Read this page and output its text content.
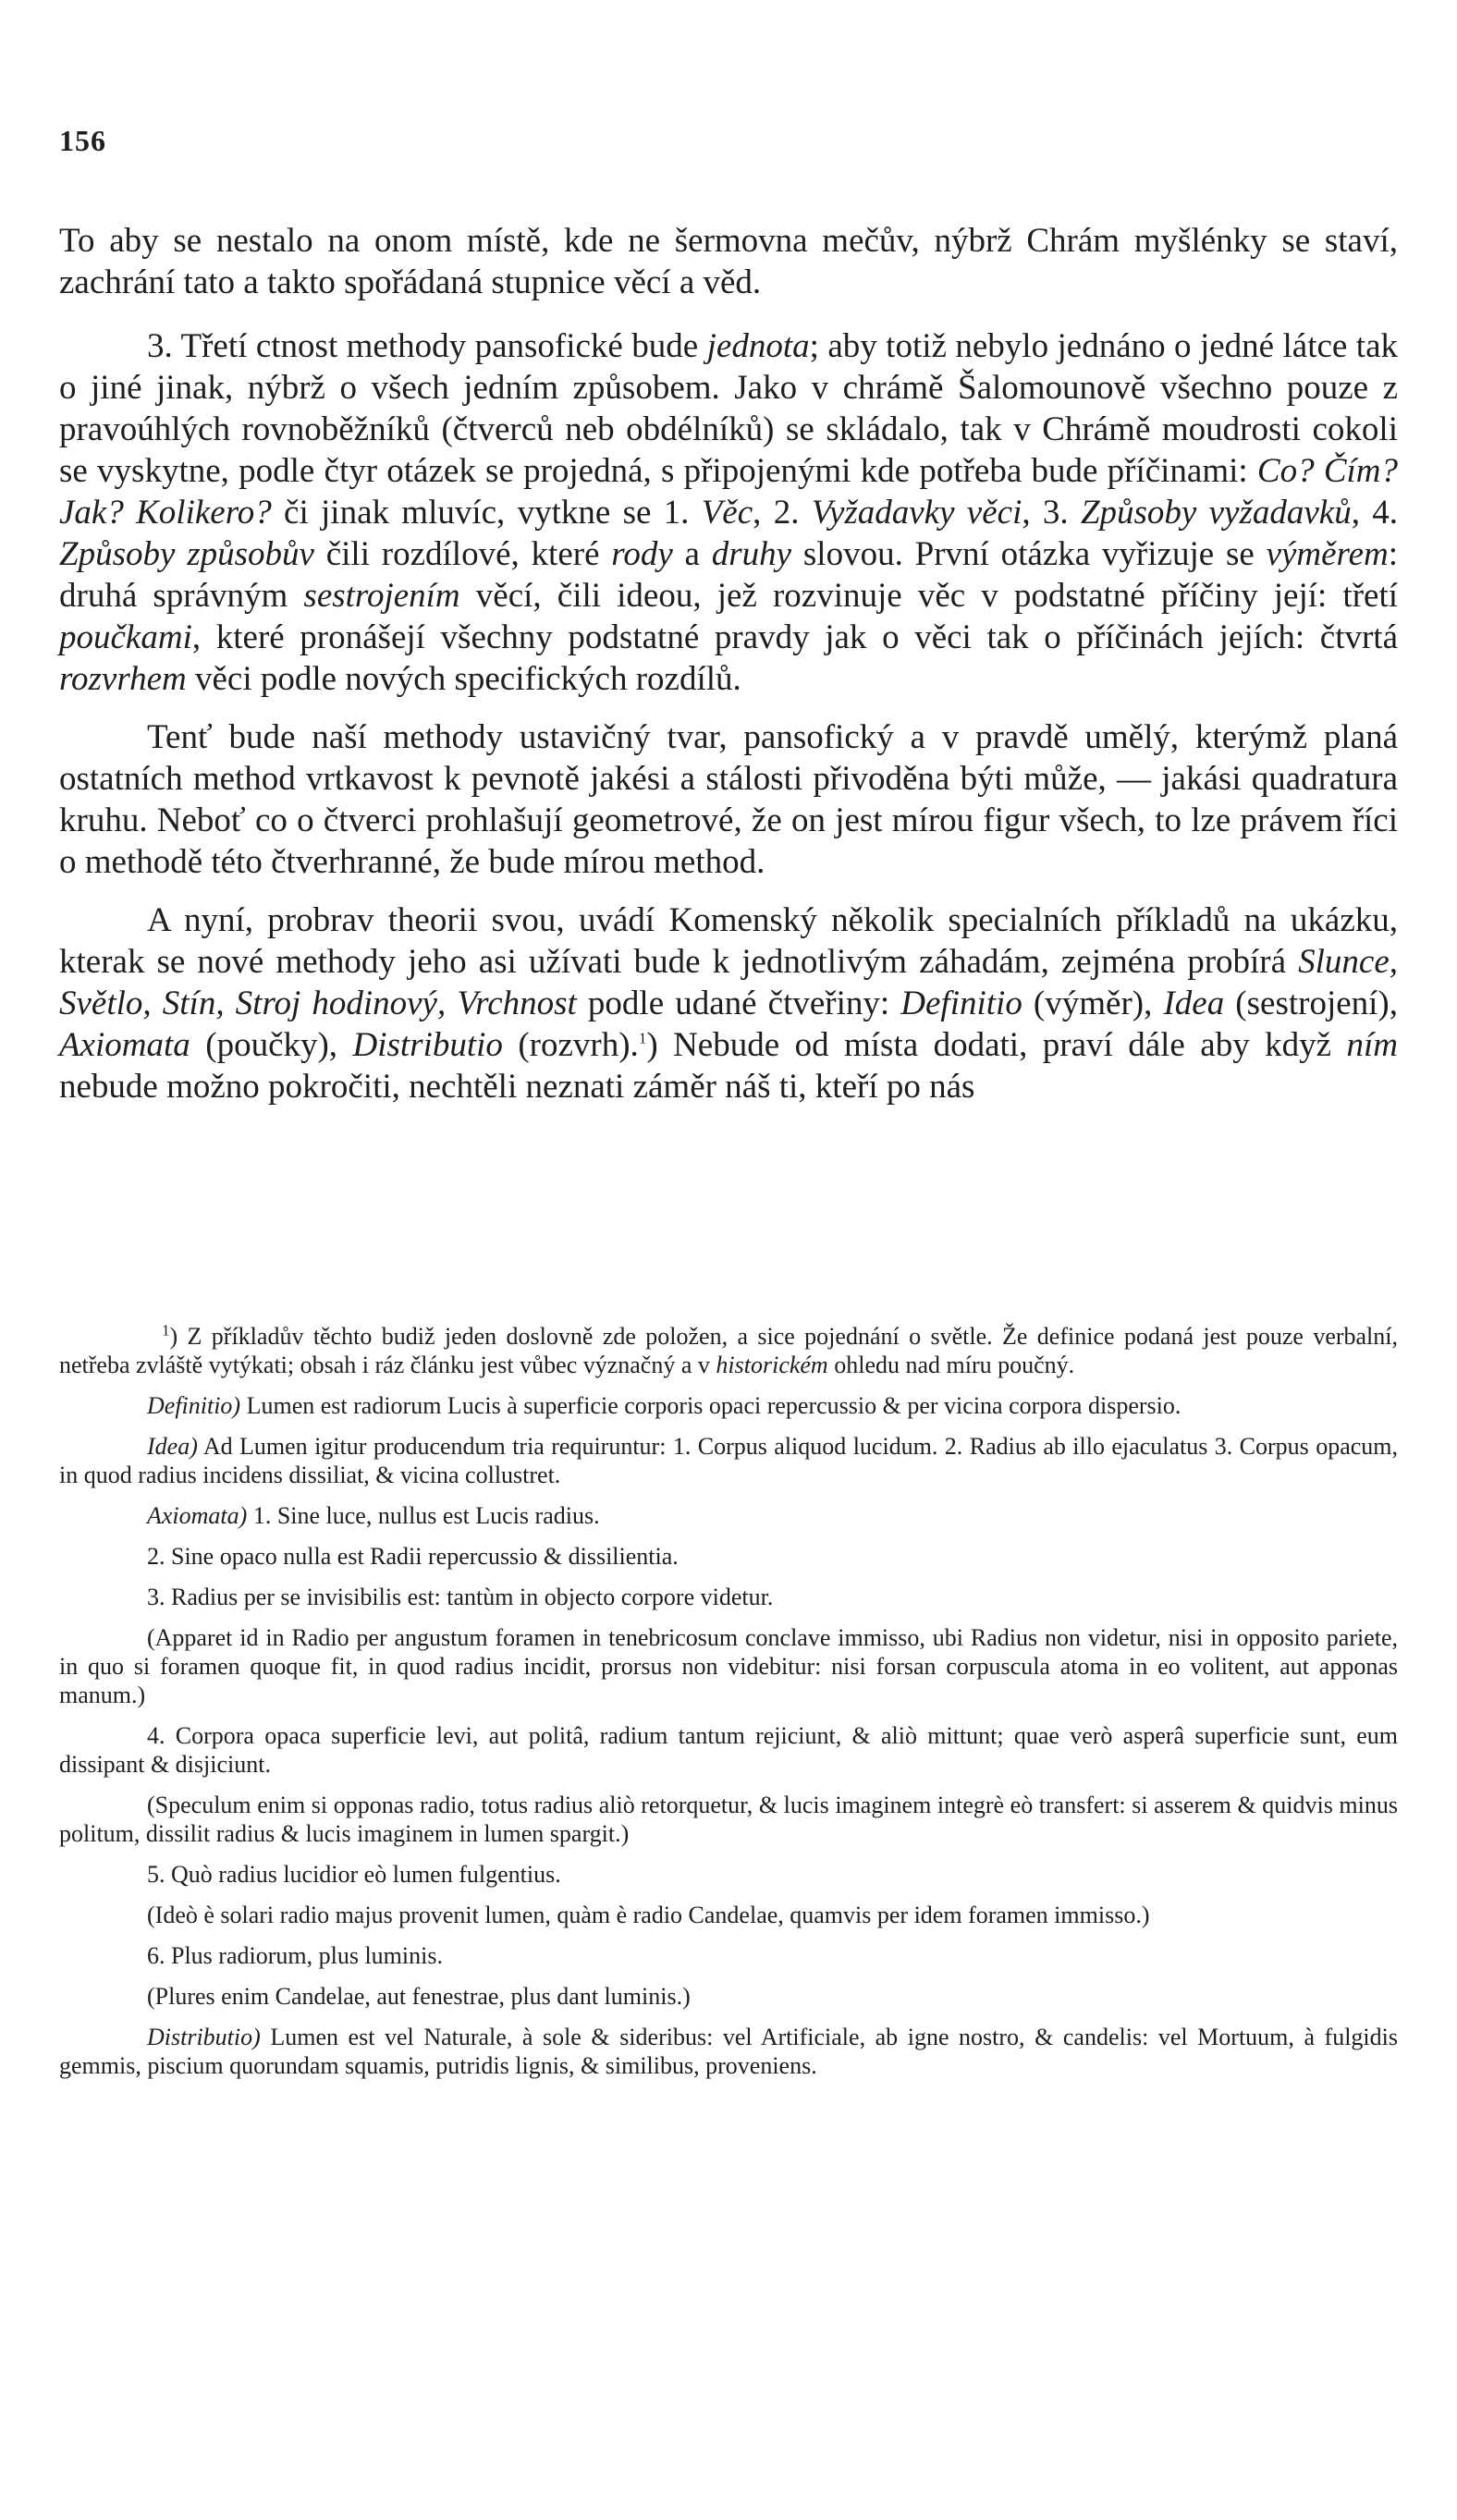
156

To aby se nestalo na onom místě, kde ne šermovna mečův, nýbrž Chrám myšlénky se staví, zachrání tato a takto spořádaná stupnice věcí a věd.

3. Třetí ctnost methody pansofické bude jednota; aby totiž nebylo jednáno o jedné látce tak o jiné jinak, nýbrž o všech jedním způsobem. Jako v chrámě Šalomounově všechno pouze z pravoúhlých rovnoběžníků (čtverců neb obdélníků) se skládalo, tak v Chrámě moudrosti cokoli se vyskytne, podle čtyr otázek se projedná, s připojenými kde potřeba bude příčinami: Co? Čím? Jak? Kolikero? či jinak mluvíc, vytkne se 1. Věc, 2. Vyžadavky věci, 3. Způsoby vyžadavků, 4. Způsoby způsobův čili rozdílové, které rody a druhy slovou. První otázka vyřizuje se výměrem: druhá správným sestrojením věcí, čili ideou, jež rozvinuje věc v podstatné příčiny její: třetí poučkami, které pronášejí všechny podstatné pravdy jak o věci tak o příčinách jejích: čtvrtá rozvrhem věci podle nových specifických rozdílů.

Tenť bude naší methody ustavičný tvar, pansofický a v pravdě umělý, kterýmž planá ostatních method vrtkavost k pevnotě jakési a stálosti přivoděna býti může, — jakási quadratura kruhu. Neboť co o čtverci prohlašují geometrové, že on jest mírou figur všech, to lze právem říci o methodě této čtverhranné, že bude mírou method.

A nyní, probrav theorii svou, uvádí Komenský několik specialních příkladů na ukázku, kterak se nové methody jeho asi užívati bude k jednotlivým záhadám, zejména probírá Slunce, Světlo, Stín, Stroj hodinový, Vrchnost podle udané čtveřiny: Definitio (výměr), Idea (sestrojení), Axiomata (poučky), Distributio (rozvrh).$^1$) Nebude od místa dodati, praví dále aby když ním nebude možno pokročiti, nechtěli neznati záměr náš ti, kteří po nás

$^1$) Z příkladův těchto budiž jeden doslovně zde položen, a sice pojednání o světle. Že definice podaná jest pouze verbalní, netřeba zvláště vytýkati; obsah i ráz článku jest vůbec význačný a v historickém ohledu nad míru poučný.

Definitio) Lumen est radiorum Lucis à superficie corporis opaci repercussio & per vicina corpora dispersio.

Idea) Ad Lumen igitur producendum tria requiruntur: 1. Corpus aliquod lucidum. 2. Radius ab illo ejaculatus 3. Corpus opacum, in quod radius incidens dissiliat, & vicina collustret.

Axiomata) 1. Sine luce, nullus est Lucis radius.

2. Sine opaco nulla est Radii repercussio & dissilientia.

3. Radius per se invisibilis est: tantùm in objecto corpore videtur.

(Apparet id in Radio per angustum foramen in tenebricosum conclave immisso, ubi Radius non videtur, nisi in opposito pariete, in quo si foramen quoque fit, in quod radius incidit, prorsus non videbitur: nisi forsan corpuscula atoma in eo volitent, aut apponas manum.)

4. Corpora opaca superficie levi, aut politâ, radium tantum rejiciunt, & aliò mittunt; quae verò asperâ superficie sunt, eum dissipant & disjiciunt.

(Speculum enim si opponas radio, totus radius aliò retorquetur, & lucis imaginem integrè eò transfert: si asserem & quidvis minus politum, dissilit radius & lucis imaginem in lumen spargit.)

5. Quò radius lucidior eò lumen fulgentius.

(Ideò è solari radio majus provenit lumen, quàm è radio Candelae, quamvis per idem foramen immisso.)

6. Plus radiorum, plus luminis.

(Plures enim Candelae, aut fenestrae, plus dant luminis.)

Distributio) Lumen est vel Naturale, à sole & sideribus: vel Artificiale, ab igne nostro, & candelis: vel Mortuum, à fulgidis gemmis, piscium quorundam squamis, putridis lignis, & similibus, proveniens.
